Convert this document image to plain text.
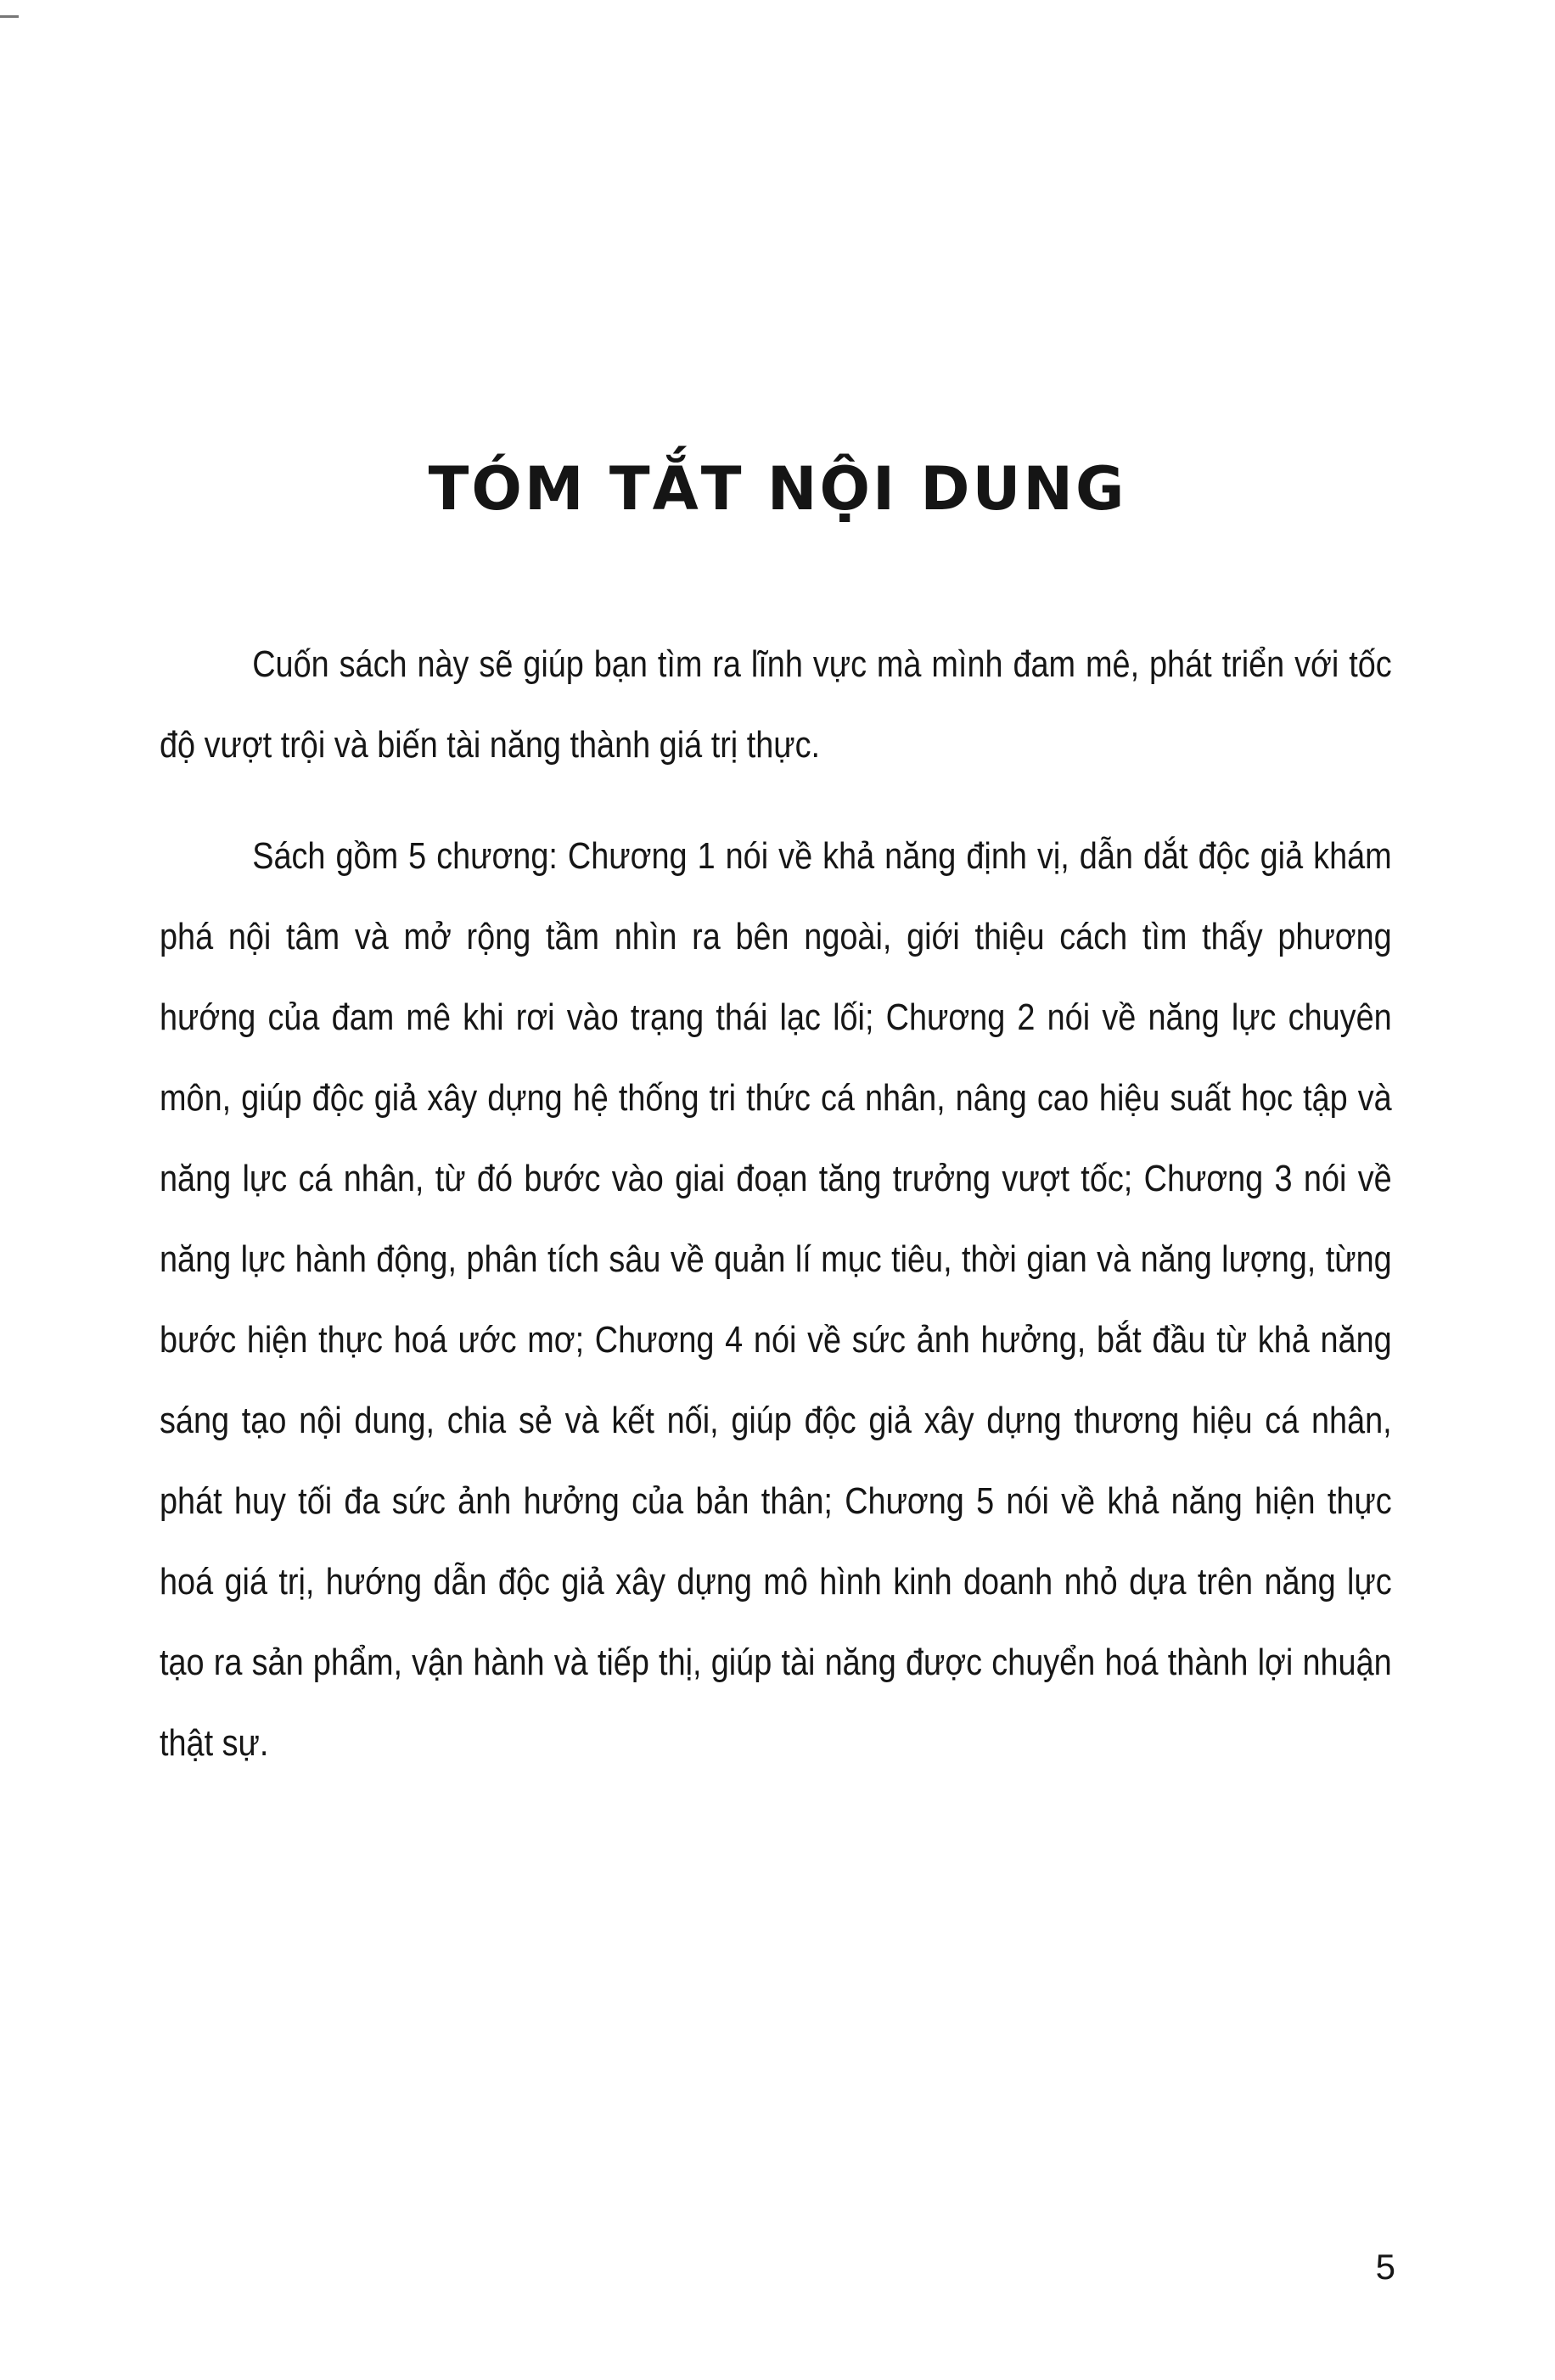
TÓM TẮT NỘI DUNG

Cuốn sách này sẽ giúp bạn tìm ra lĩnh vực mà mình đam mê, phát triển với tốc độ vượt trội và biến tài năng thành giá trị thực.

Sách gồm 5 chương: Chương 1 nói về khả năng định vị, dẫn dắt độc giả khám phá nội tâm và mở rộng tầm nhìn ra bên ngoài, giới thiệu cách tìm thấy phương hướng của đam mê khi rơi vào trạng thái lạc lối; Chương 2 nói về năng lực chuyên môn, giúp độc giả xây dựng hệ thống tri thức cá nhân, nâng cao hiệu suất học tập và năng lực cá nhân, từ đó bước vào giai đoạn tăng trưởng vượt tốc; Chương 3 nói về năng lực hành động, phân tích sâu về quản lí mục tiêu, thời gian và năng lượng, từng bước hiện thực hoá ước mơ; Chương 4 nói về sức ảnh hưởng, bắt đầu từ khả năng sáng tạo nội dung, chia sẻ và kết nối, giúp độc giả xây dựng thương hiệu cá nhân, phát huy tối đa sức ảnh hưởng của bản thân; Chương 5 nói về khả năng hiện thực hoá giá trị, hướng dẫn độc giả xây dựng mô hình kinh doanh nhỏ dựa trên năng lực tạo ra sản phẩm, vận hành và tiếp thị, giúp tài năng được chuyển hoá thành lợi nhuận thật sự.

5
